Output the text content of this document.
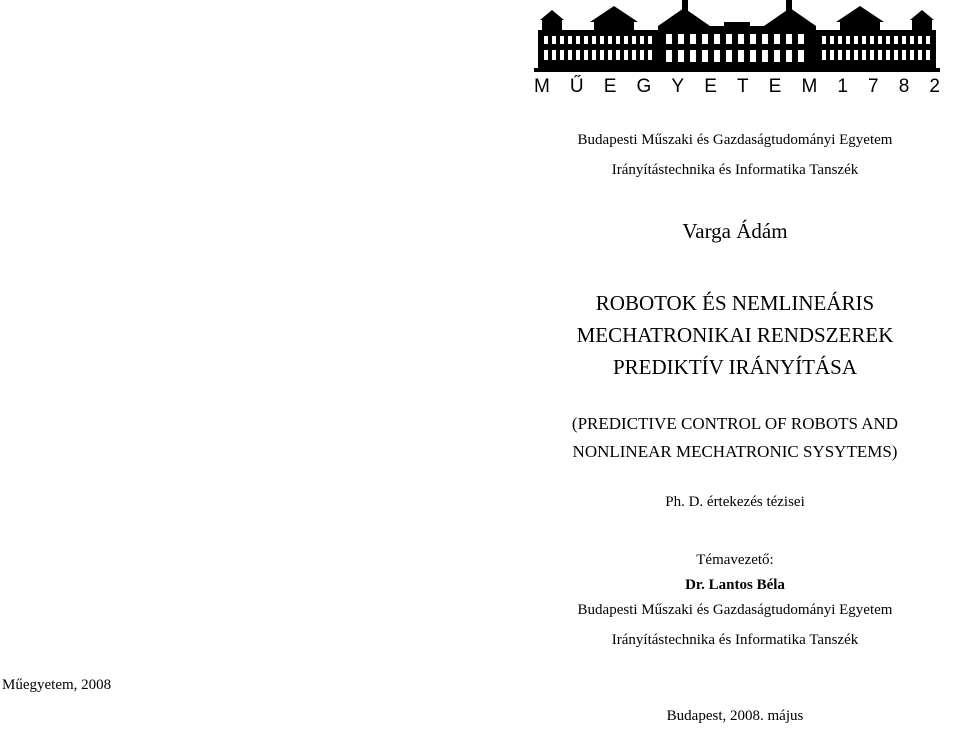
M Ű E G Y E T E M 1 7 8 2
Budapesti Műszaki és Gazdaságtudományi Egyetem
Irányítástechnika és Informatika Tanszék
Varga Ádám
ROBOTOK ÉS NEMLINEÁRIS
MECHATRONIKAI RENDSZEREK
PREDIKTÍV IRÁNYÍTÁSA
(PREDICTIVE CONTROL OF ROBOTS AND
NONLINEAR MECHATRONIC SYSYTEMS)
Ph. D. értekezés tézisei
Témavezető:
Dr. Lantos Béla
Budapesti Műszaki és Gazdaságtudományi Egyetem
Irányítástechnika és Informatika Tanszék
Műegyetem, 2008
Budapest, 2008. május
